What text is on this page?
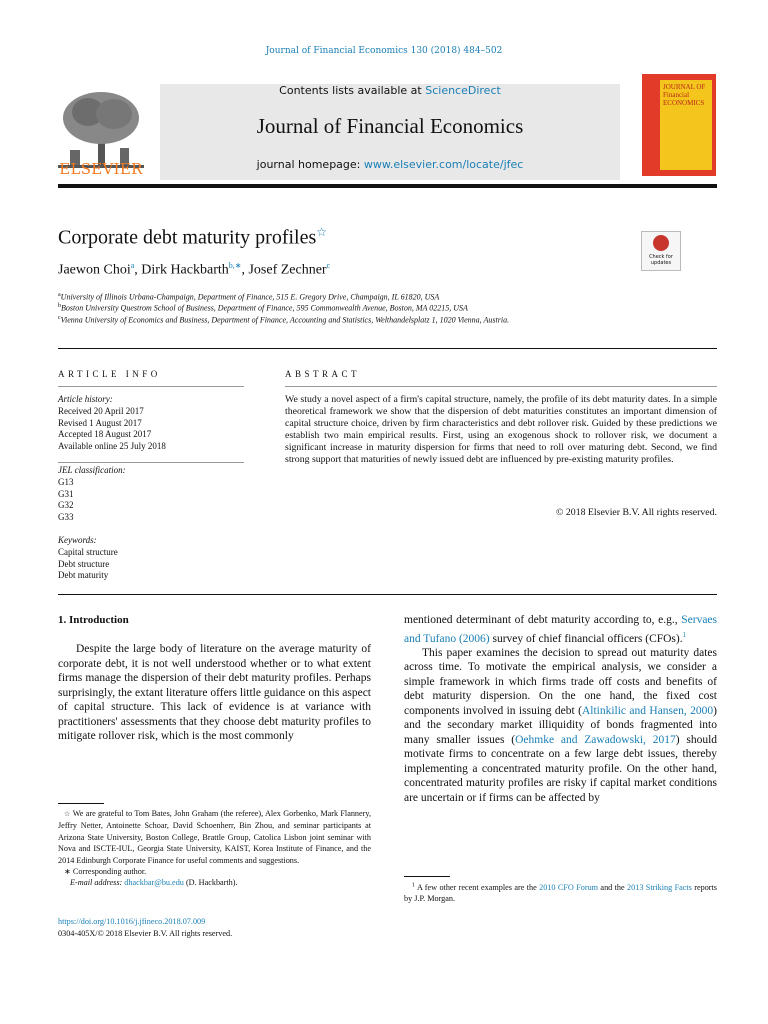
Journal of Financial Economics 130 (2018) 484–502
ELSEVIER
Contents lists available at ScienceDirect
Journal of Financial Economics
journal homepage: www.elsevier.com/locate/jfec
JOURNAL OF Financial ECONOMICS
Corporate debt maturity profiles☆
Check for updates
Jaewon Choi$^a$, Dirk Hackbarth$^{b,∗}$, Josef Zechner$^c$
$^a$University of Illinois Urbana-Champaign, Department of Finance, 515 E. Gregory Drive, Champaign, IL 61820, USA
$^b$Boston University Questrom School of Business, Department of Finance, 595 Commonwealth Avenue, Boston, MA 02215, USA
$^c$Vienna University of Economics and Business, Department of Finance, Accounting and Statistics, Welthandelsplatz 1, 1020 Vienna, Austria.
ARTICLE INFO
Article history:
Received 20 April 2017
Revised 1 August 2017
Accepted 18 August 2017
Available online 25 July 2018
JEL classification:
G13
G31
G32
G33
Keywords:
Capital structure
Debt structure
Debt maturity
ABSTRACT
We study a novel aspect of a firm's capital structure, namely, the profile of its debt maturity dates. In a simple theoretical framework we show that the dispersion of debt maturities constitutes an important dimension of capital structure choice, driven by firm characteristics and debt rollover risk. Guided by these predictions we establish two main empirical results. First, using an exogenous shock to rollover risk, we document a significant increase in maturity dispersion for firms that need to roll over maturing debt. Second, we find strong support that maturities of newly issued debt are influenced by pre-existing maturity profiles.
© 2018 Elsevier B.V. All rights reserved.
1. Introduction

Despite the large body of literature on the average maturity of corporate debt, it is not well understood whether or to what extent firms manage the dispersion of their debt maturity profiles. Perhaps surprisingly, the extant literature offers little guidance on this aspect of capital structure. This lack of evidence is at variance with practitioners' assessments that they choose debt maturity profiles to mitigate rollover risk, which is the most commonly

mentioned determinant of debt maturity according to, e.g., Servaes and Tufano (2006) survey of chief financial officers (CFOs).$^1$

This paper examines the decision to spread out maturity dates across time. To motivate the empirical analysis, we consider a simple framework in which firms trade off costs and benefits of debt maturity dispersion. On the one hand, the fixed cost components involved in issuing debt (Altinkilic and Hansen, 2000) and the secondary market illiquidity of bonds fragmented into many smaller issues (Oehmke and Zawadowski, 2017) should motivate firms to concentrate on a few large debt issues, thereby implementing a concentrated maturity profile. On the other hand, concentrated maturity profiles are risky if capital market conditions are uncertain or if firms can be affected by

☆ We are grateful to Tom Bates, John Graham (the referee), Alex Gorbenko, Mark Flannery, Jeffry Netter, Antoinette Schoar, David Schoenherr, Bin Zhou, and seminar participants at Arizona State University, Boston College, Brattle Group, Catolica Lisbon joint seminar with Nova and ISCTE-IUL, Georgia State University, KAIST, Korea Institute of Finance, and the 2014 Edinburgh Corporate Finance for useful comments and suggestions.
∗ Corresponding author.
E-mail address: dhackbar@bu.edu (D. Hackbarth).	$^1$ A few other recent examples are the 2010 CFO Forum and the 2013 Striking Facts reports by J.P. Morgan.
https://doi.org/10.1016/j.jfineco.2018.07.009
0304-405X/© 2018 Elsevier B.V. All rights reserved.
